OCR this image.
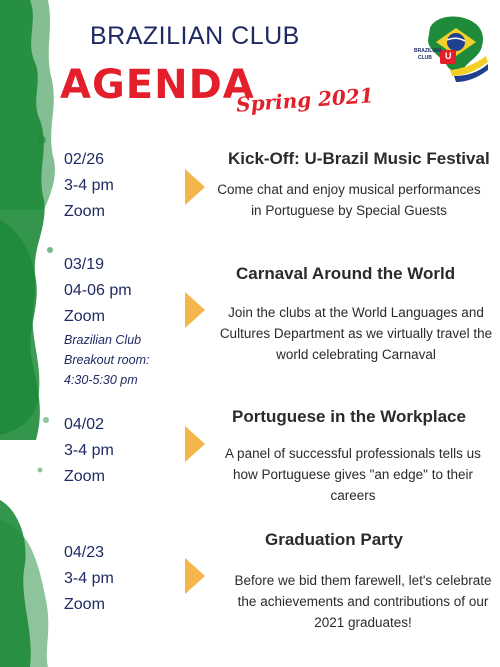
BRAZILIAN CLUB
AGENDA
Spring 2021
BRAZILIAN
CLUB U
02/26
3-4 pm
Zoom
Kick-Off: U-Brazil Music Festival
Come chat and enjoy musical performances in Portuguese by Special Guests
03/19
04-06 pm
Zoom
Brazilian Club
Breakout room:
4:30-5:30 pm
Carnaval Around the World
Join the clubs at the World Languages and Cultures Department as we virtually travel the world celebrating Carnaval
04/02
3-4 pm
Zoom
Portuguese in the Workplace
A panel of successful professionals tells us how Portuguese gives "an edge" to their careers
04/23
3-4 pm
Zoom
Graduation Party
Before we bid them farewell, let's celebrate the achievements and contributions of our 2021 graduates!
